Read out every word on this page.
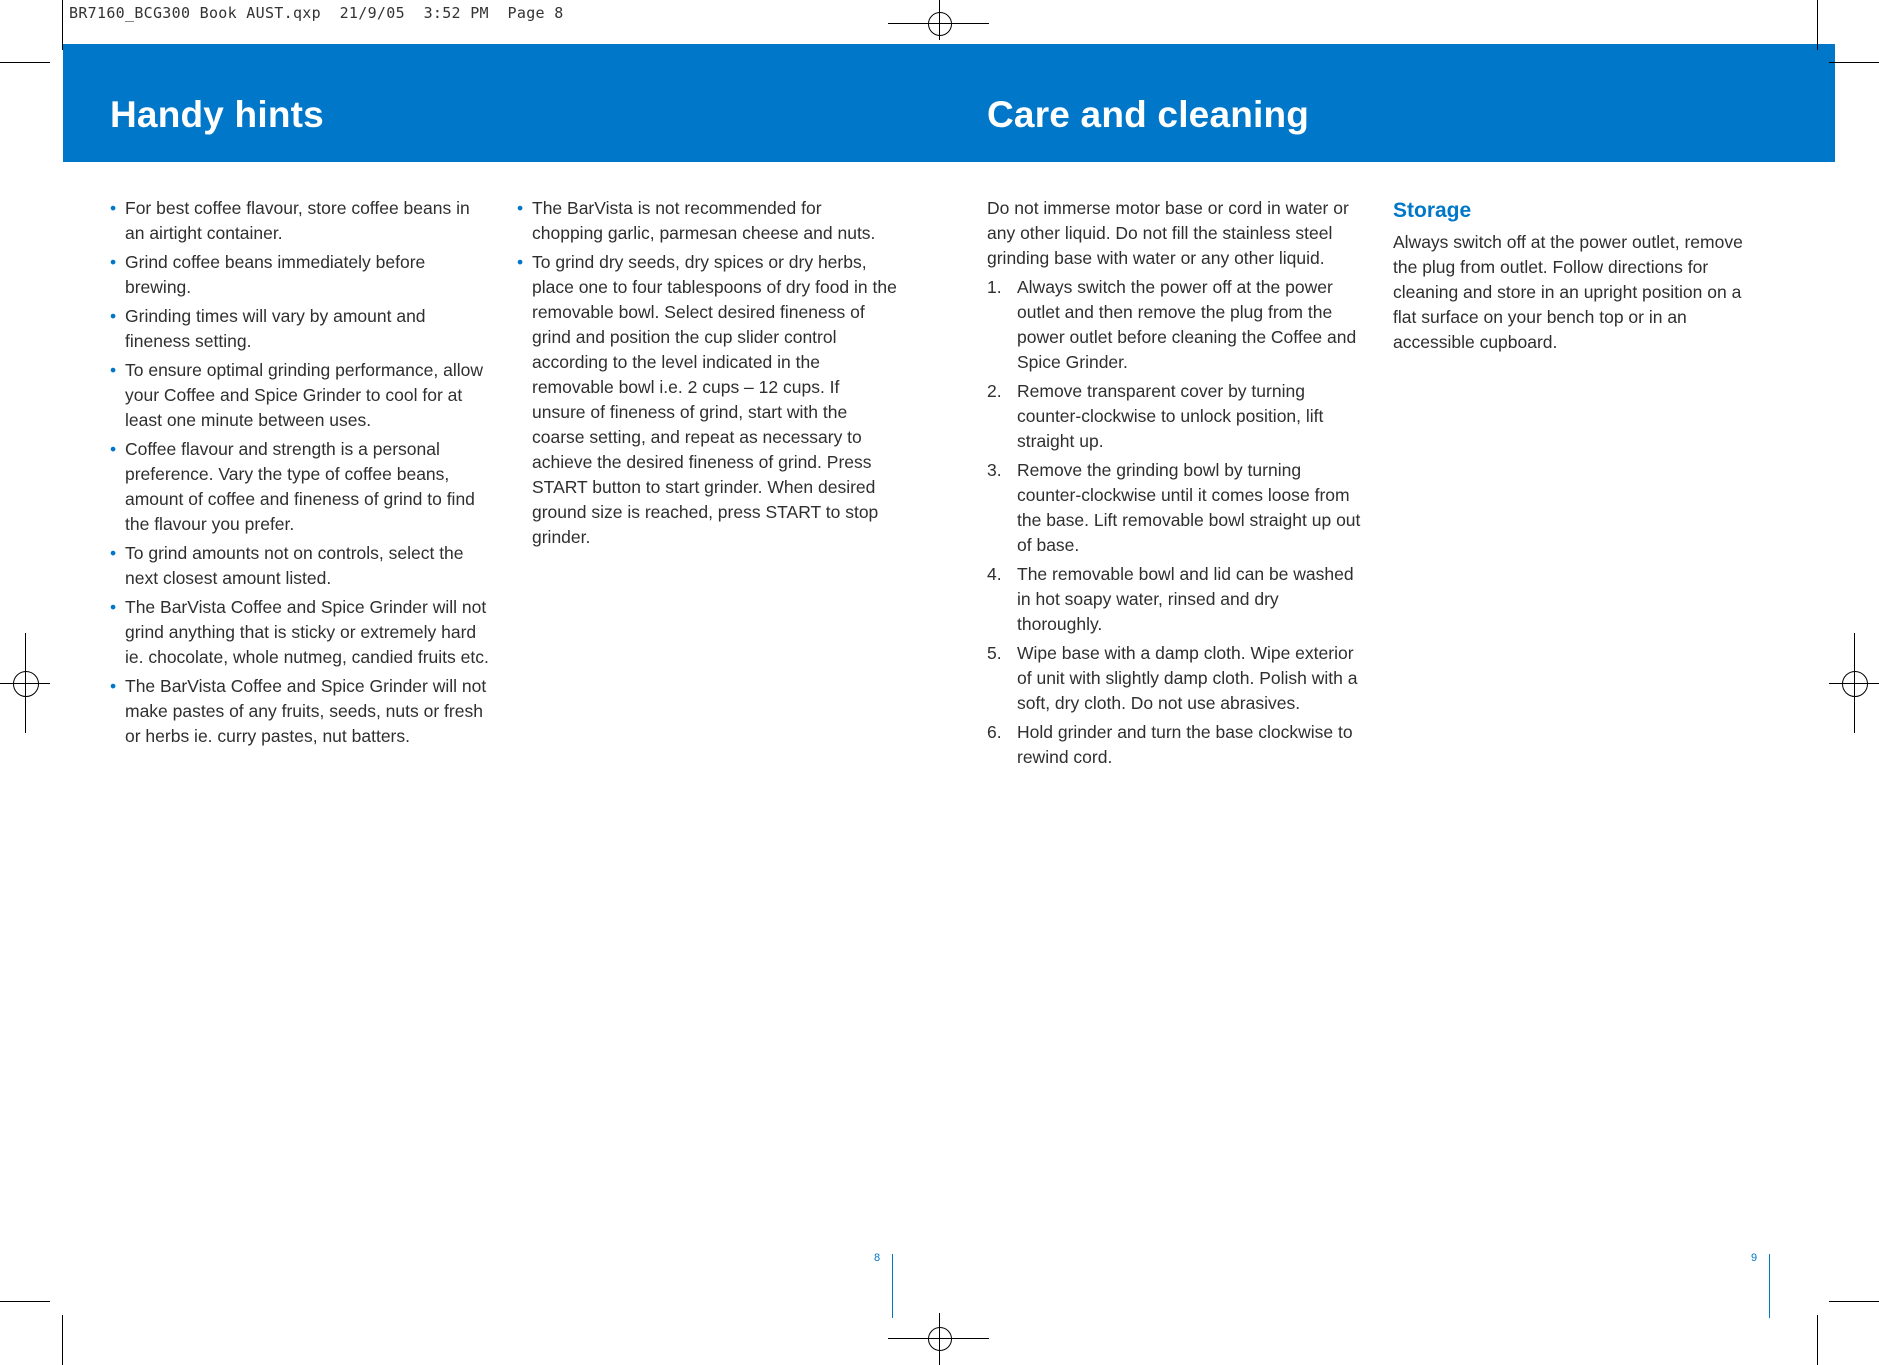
BR7160_BCG300 Book AUST.qxp  21/9/05  3:52 PM  Page 8
Handy hints	Care and cleaning
• For best coffee flavour, store coffee beans in an airtight container.
• Grind coffee beans immediately before brewing.
• Grinding times will vary by amount and fineness setting.
• To ensure optimal grinding performance, allow your Coffee and Spice Grinder to cool for at least one minute between uses.
• Coffee flavour and strength is a personal preference. Vary the type of coffee beans, amount of coffee and fineness of grind to find the flavour you prefer.
• To grind amounts not on controls, select the next closest amount listed.
• The BarVista Coffee and Spice Grinder will not grind anything that is sticky or extremely hard ie. chocolate, whole nutmeg, candied fruits etc.
• The BarVista Coffee and Spice Grinder will not make pastes of any fruits, seeds, nuts or fresh or herbs ie. curry pastes, nut batters.
• The BarVista is not recommended for chopping garlic, parmesan cheese and nuts.
• To grind dry seeds, dry spices or dry herbs, place one to four tablespoons of dry food in the removable bowl. Select desired fineness of grind and position the cup slider control according to the level indicated in the removable bowl i.e. 2 cups – 12 cups. If unsure of fineness of grind, start with the coarse setting, and repeat as necessary to achieve the desired fineness of grind. Press START button to start grinder. When desired ground size is reached, press START to stop grinder.

Do not immerse motor base or cord in water or any other liquid. Do not fill the stainless steel grinding base with water or any other liquid.

1. Always switch the power off at the power outlet and then remove the plug from the power outlet before cleaning the Coffee and Spice Grinder.
2. Remove transparent cover by turning counter-clockwise to unlock position, lift straight up.
3. Remove the grinding bowl by turning counter-clockwise until it comes loose from the base. Lift removable bowl straight up out of base.
4. The removable bowl and lid can be washed in hot soapy water, rinsed and dry thoroughly.
5. Wipe base with a damp cloth. Wipe exterior of unit with slightly damp cloth. Polish with a soft, dry cloth. Do not use abrasives.
6. Hold grinder and turn the base clockwise to rewind cord.
Storage

Always switch off at the power outlet, remove the plug from outlet. Follow directions for cleaning and store in an upright position on a flat surface on your bench top or in an accessible cupboard.

8	9
